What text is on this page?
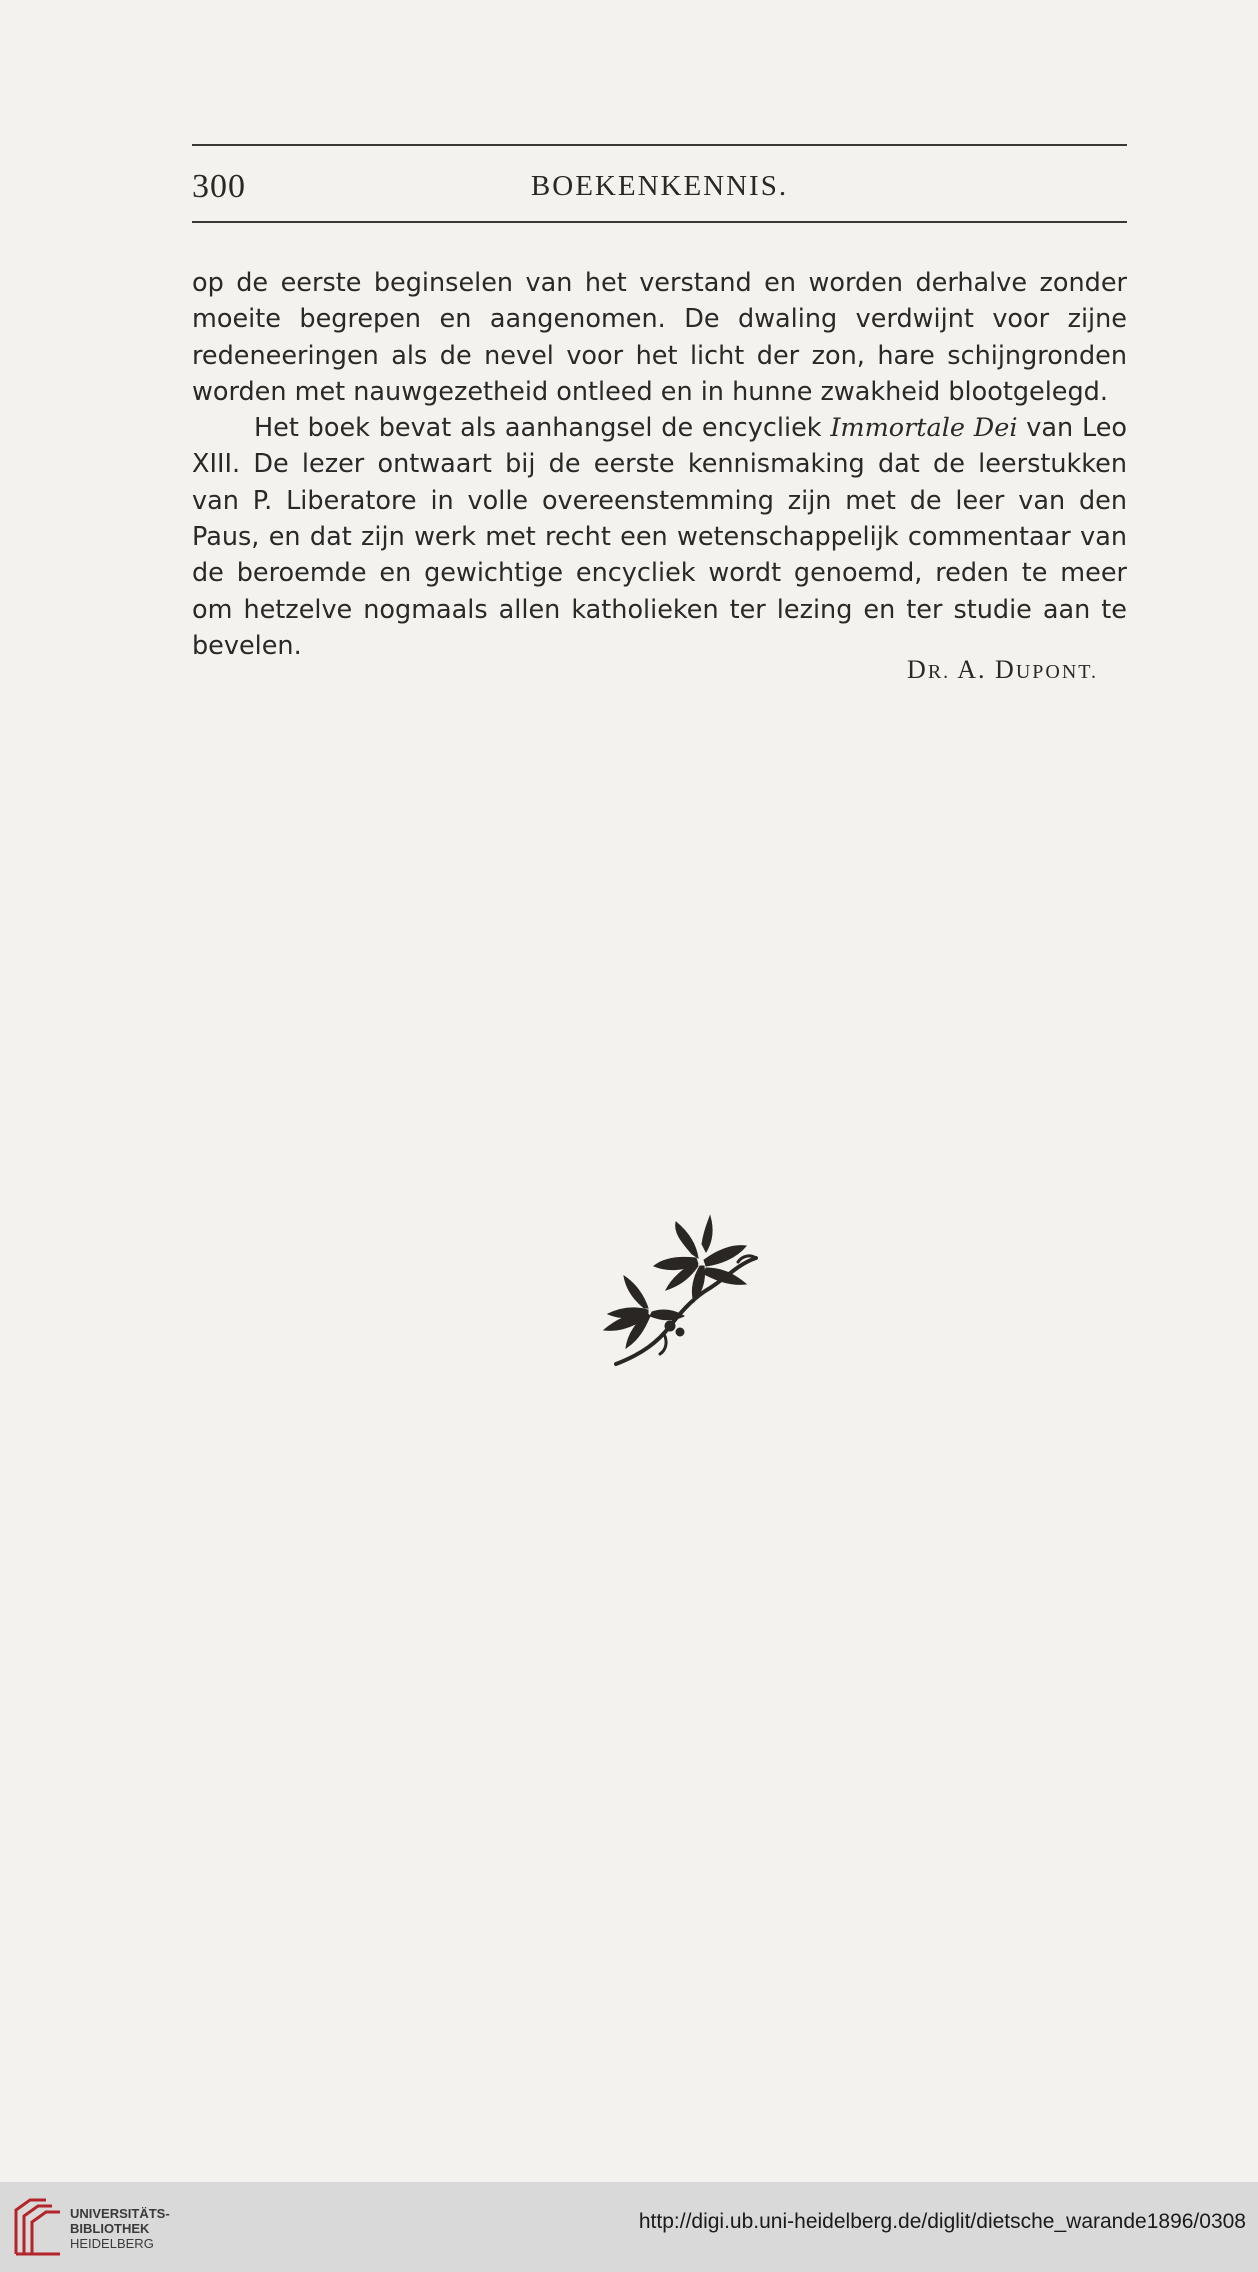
300	BOEKENKENNIS.

op de eerste beginselen van het verstand en worden derhalve zonder moeite begrepen en aangenomen. De dwaling verdwijnt voor zijne redeneeringen als de nevel voor het licht der zon, hare schijngronden worden met nauwgezetheid ontleed en in hunne zwakheid blootgelegd.

Het boek bevat als aanhangsel de encycliek Immortale Dei van Leo XIII. De lezer ontwaart bij de eerste kennismaking dat de leerstukken van P. Liberatore in volle overeenstemming zijn met de leer van den Paus, en dat zijn werk met recht een wetenschappelijk commentaar van de beroemde en gewichtige encycliek wordt genoemd, reden te meer om hetzelve nogmaals allen katholieken ter lezing en ter studie aan te bevelen.

DR. A. DUPONT.
UNIVERSITÄTS-
BIBLIOTHEK
HEIDELBERG
http://digi.ub.uni-heidelberg.de/diglit/dietsche_warande1896/0308
